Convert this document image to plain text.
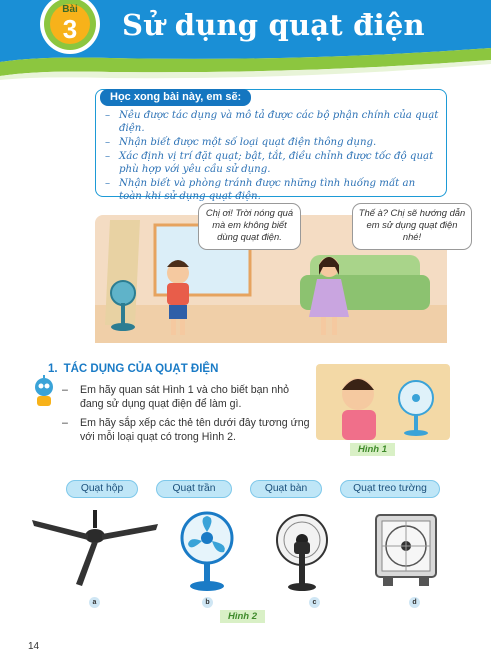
Bài
3	Sử dụng quạt điện
Học xong bài này, em sẽ:
– Nêu được tác dụng và mô tả được các bộ phận chính của quạt điện.
– Nhận biết được một số loại quạt điện thông dụng.
– Xác định vị trí đặt quạt; bật, tắt, điều chỉnh được tốc độ quạt phù hợp với yêu cầu sử dụng.
– Nhận biết và phòng tránh được những tình huống mất an toàn khi sử dụng quạt điện.
Chị ơi! Trời nóng quá mà em không biết dùng quạt điện.
Thế à? Chị sẽ hướng dẫn em sử dụng quạt điện nhé!
1. TÁC DỤNG CỦA QUẠT ĐIỆN
– Em hãy quan sát Hình 1 và cho biết bạn nhỏ đang sử dụng quạt điện để làm gì.
– Em hãy sắp xếp các thẻ tên dưới đây tương ứng với mỗi loại quạt có trong Hình 2.
Hình 1
Quạt hộp	Quạt trần	Quạt bàn	Quạt treo tường
a	b	c	d
Hình 2
14
